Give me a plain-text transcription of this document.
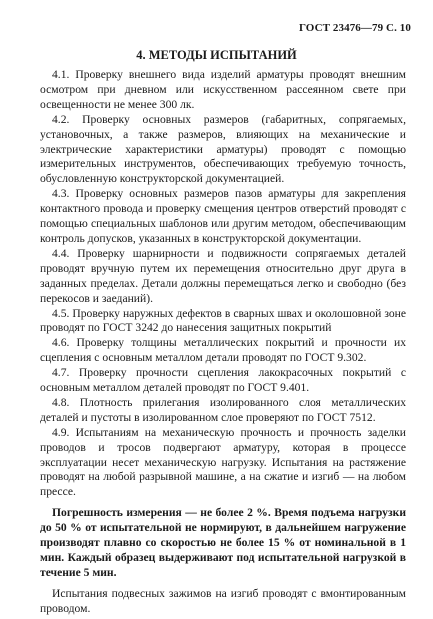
ГОСТ 23476—79 С. 10
4. МЕТОДЫ ИСПЫТАНИЙ

4.1. Проверку внешнего вида изделий арматуры проводят внешним осмотром при дневном или искусственном рассеянном свете при освещенности не менее 300 лк.

4.2. Проверку основных размеров (габаритных, сопрягаемых, установочных, а также размеров, влияющих на механические и электрические характеристики арматуры) проводят с помощью измерительных инструментов, обеспечивающих требуемую точность, обусловленную конструкторской документацией.

4.3. Проверку основных размеров пазов арматуры для закрепления контактного провода и проверку смещения центров отверстий проводят с помощью специальных шаблонов или другим методом, обеспечивающим контроль допусков, указанных в конструкторской документации.

4.4. Проверку шарнирности и подвижности сопрягаемых деталей проводят вручную путем их перемещения относительно друг друга в заданных пределах. Детали должны перемещаться легко и свободно (без перекосов и заеданий).

4.5. Проверку наружных дефектов в сварных швах и околошовной зоне проводят по ГОСТ 3242 до нанесения защитных покрытий

4.6. Проверку толщины металлических покрытий и прочности их сцепления с основным металлом детали проводят по ГОСТ 9.302.

4.7. Проверку прочности сцепления лакокрасочных покрытий с основным металлом деталей проводят по ГОСТ 9.401.

4.8. Плотность прилегания изолированного слоя металлических деталей и пустоты в изолированном слое проверяют по ГОСТ 7512.

4.9. Испытаниям на механическую прочность и прочность заделки проводов и тросов подвергают арматуру, которая в процессе эксплуатации несет механическую нагрузку. Испытания на растяжение проводят на любой разрывной машине, а на сжатие и изгиб — на любом прессе.

Погрешность измерения — не более 2 %. Время подъема нагрузки до 50 % от испытательной не нормируют, в дальнейшем нагружение производят плавно со скоростью не более 15 % от номинальной в 1 мин. Каждый образец выдерживают под испытательной нагрузкой в течение 5 мин.

Испытания подвесных зажимов на изгиб проводят с вмонтированным проводом.
